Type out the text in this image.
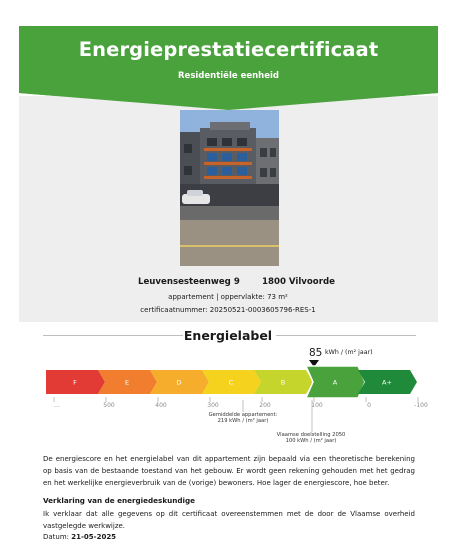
Energieprestatiecertificaat
Residentiële eenheid
Leuvensesteenweg 9	1800 Vilvoorde
appartement | oppervlakte: 73 m²
certificaatnummer: 20250521-0003605796-RES-1
Energielabel
85 kWh / (m² jaar)
F	E	D	C	B	A	A+
...	500	400	300	200	100	0	-100
Gemiddelde appartement:
219 kWh / (m² jaar)
Vlaamse doelstelling 2050
100 kWh / (m² jaar)
De energiescore en het energielabel van dit appartement zijn bepaald via een theoretische berekening op basis van de bestaande toestand van het gebouw. Er wordt geen rekening gehouden met het gedrag en het werkelijke energieverbruik van de (vorige) bewoners. Hoe lager de energiescore, hoe beter.
Verklaring van de energiedeskundige
Ik verklaar dat alle gegevens op dit certificaat overeenstemmen met de door de Vlaamse overheid vastgelegde werkwijze.
Datum: 21-05-2025
